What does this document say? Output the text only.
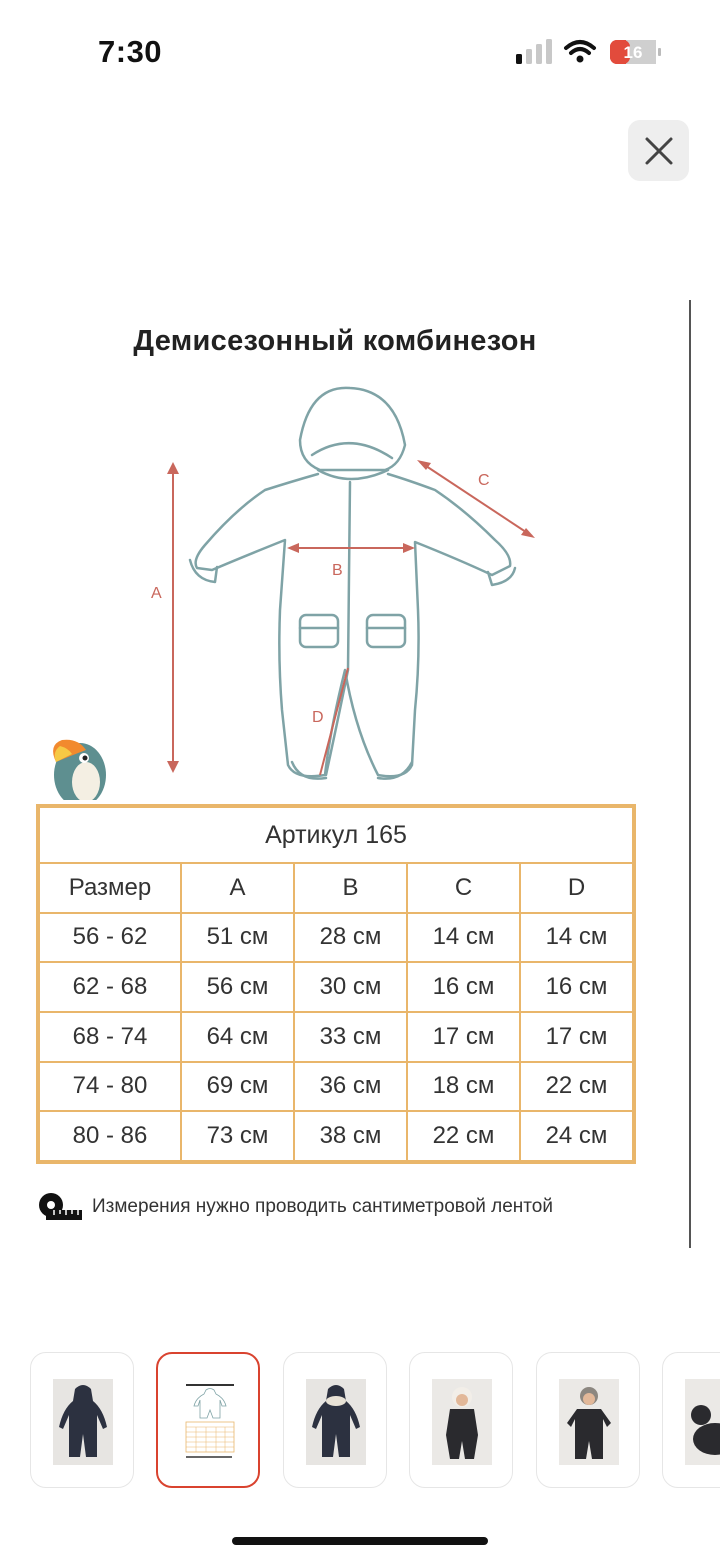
7:30	16
Демисезонный комбинезон
A
B
C
D
Артикул 165				
Размер	A	B	C	D
56 - 62	51 см	28 см	14 см	14 см
62 - 68	56 см	30 см	16 см	16 см
68 - 74	64 см	33 см	17 см	17 см
74 - 80	69 см	36 см	18 см	22 см
80 - 86	73 см	38 см	22 см	24 см
Измерения нужно проводить сантиметровой лентой
